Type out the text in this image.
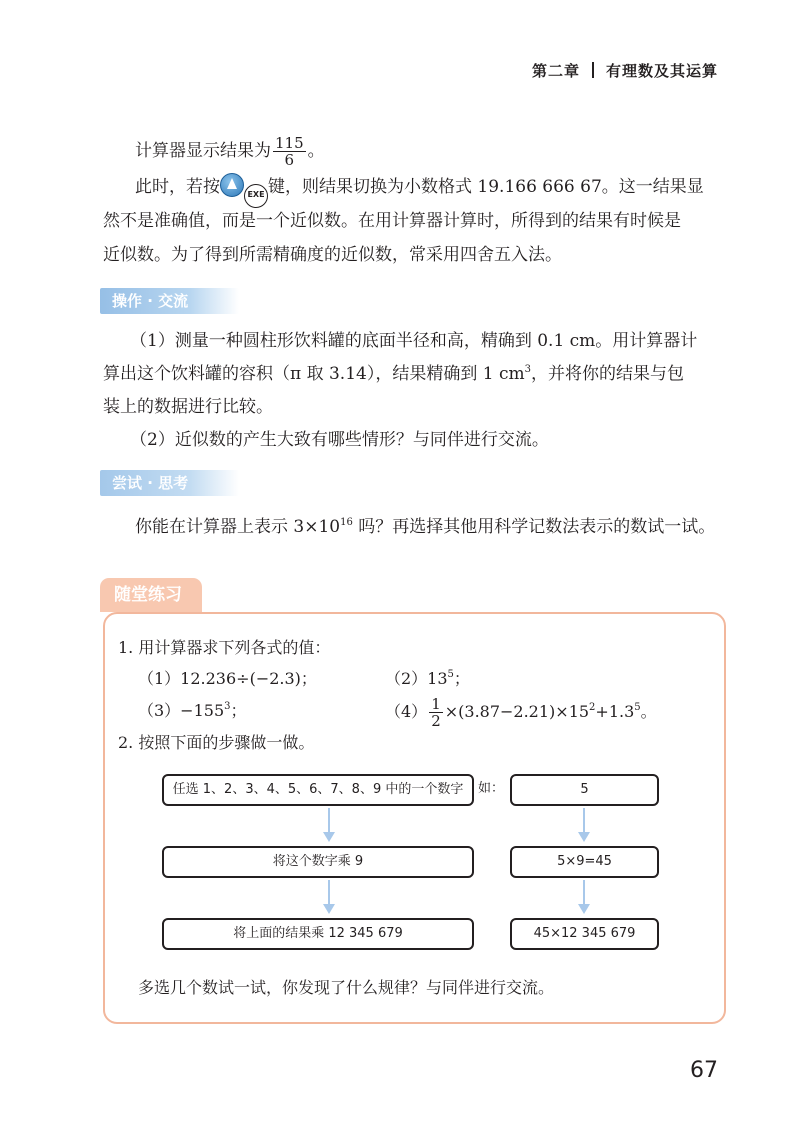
第二章 有理数及其运算
计算器显示结果为 $\frac{115}{6}$ 。
此时，若按	EXE 键，则结果切换为小数格式 19.166 666 67。这一结果显
然不是准确值，而是一个近似数。在用计算器计算时，所得到的结果有时候是
近似数。为了得到所需精确度的近似数，常采用四舍五入法。
操作 · 交流
（1）测量一种圆柱形饮料罐的底面半径和高，精确到 0.1 cm。用计算器计
算出这个饮料罐的容积（π 取 3.14），结果精确到 1 $cm^3$，并将你的结果与包
装上的数据进行比较。
（2）近似数的产生大致有哪些情形？与同伴进行交流。
尝试 · 思考
你能在计算器上表示 $3\times 10^{16}$ 吗？再选择其他用科学记数法表示的数试一试。
随堂练习
1. 用计算器求下列各式的值：
（1）12.236÷(−2.3)；	$(2)13^5$；
$(3)-155^3$；	$(4) \frac{1}{2} \times(3.87-2.21)\times 15^2+1.3^5$。
2. 按照下面的步骤做一做。
任选 1、2、3、4、5、6、7、8、9 中的一个数字	如：	5
将这个数字乘 9	5×9=45
将上面的结果乘 12 345 679	45×12 345 679
多选几个数试一试，你发现了什么规律？与同伴进行交流。
67
